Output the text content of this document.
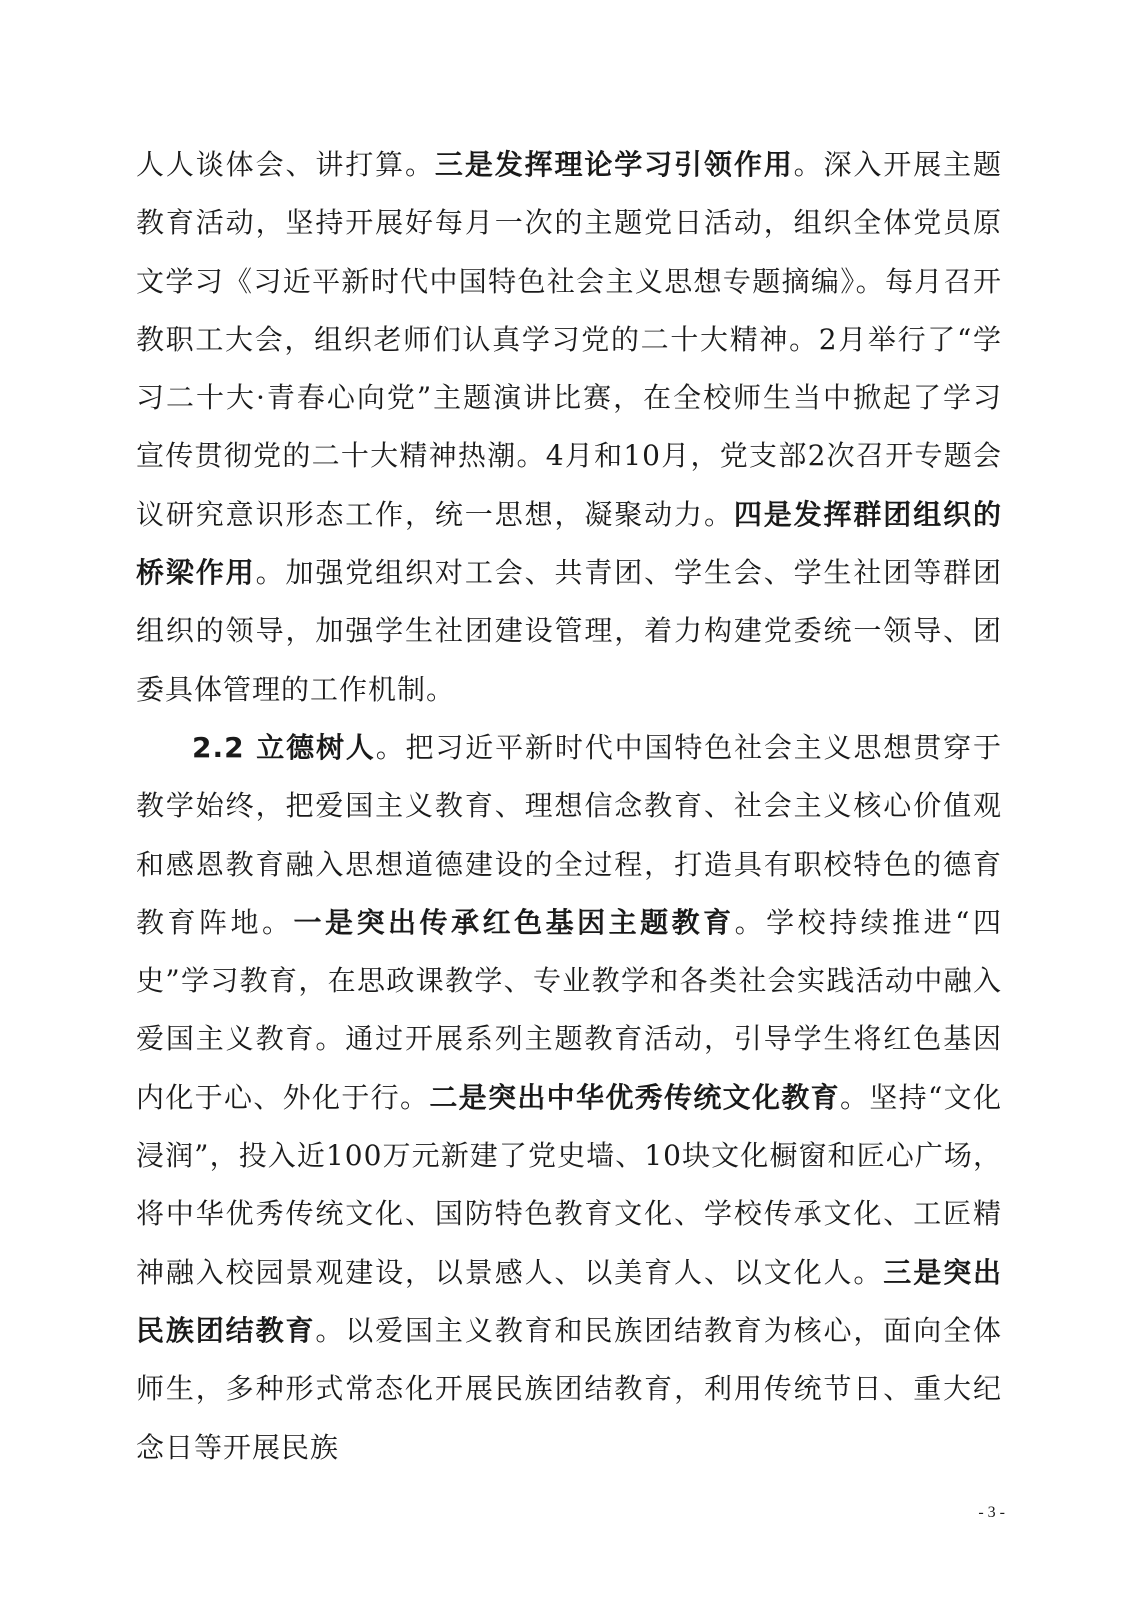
人人谈体会、讲打算。三是发挥理论学习引领作用。深入开展主题教育活动，坚持开展好每月一次的主题党日活动，组织全体党员原文学习《习近平新时代中国特色社会主义思想专题摘编》。每月召开教职工大会，组织老师们认真学习党的二十大精神。2月举行了“学习二十大·青春心向党”主题演讲比赛，在全校师生当中掀起了学习宣传贯彻党的二十大精神热潮。4月和10月，党支部2次召开专题会议研究意识形态工作，统一思想，凝聚动力。四是发挥群团组织的桥梁作用。加强党组织对工会、共青团、学生会、学生社团等群团组织的领导，加强学生社团建设管理，着力构建党委统一领导、团委具体管理的工作机制。

2.2 立德树人。把习近平新时代中国特色社会主义思想贯穿于教学始终，把爱国主义教育、理想信念教育、社会主义核心价值观和感恩教育融入思想道德建设的全过程，打造具有职校特色的德育教育阵地。一是突出传承红色基因主题教育。学校持续推进“四史”学习教育，在思政课教学、专业教学和各类社会实践活动中融入爱国主义教育。通过开展系列主题教育活动，引导学生将红色基因内化于心、外化于行。二是突出中华优秀传统文化教育。坚持“文化浸润”，投入近100万元新建了党史墙、10块文化橱窗和匠心广场，将中华优秀传统文化、国防特色教育文化、学校传承文化、工匠精神融入校园景观建设，以景感人、以美育人、以文化人。三是突出民族团结教育。以爱国主义教育和民族团结教育为核心，面向全体师生，多种形式常态化开展民族团结教育，利用传统节日、重大纪念日等开展民族

- 3 -
